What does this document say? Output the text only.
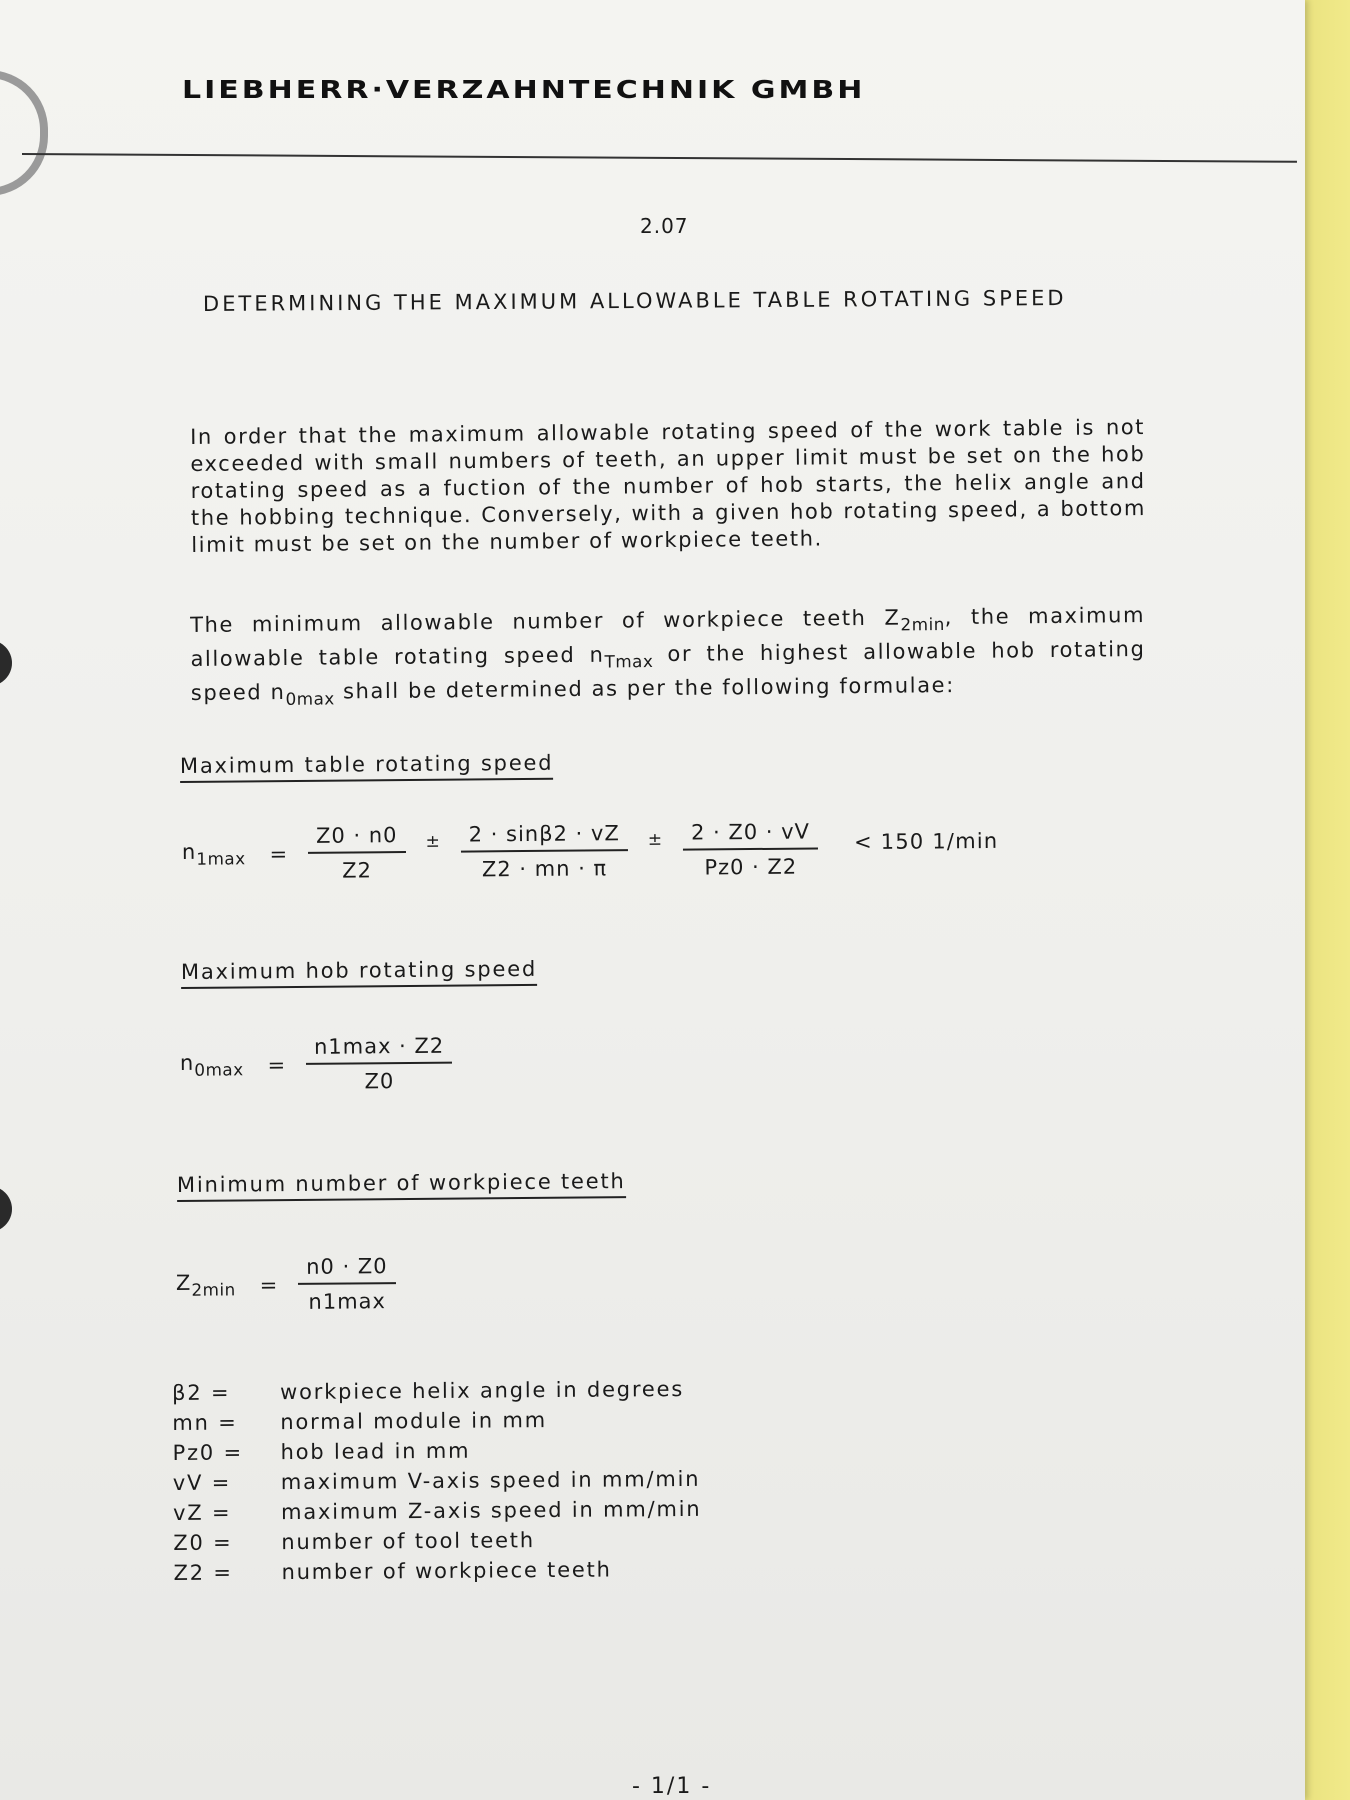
LIEBHERR·VERZAHNTECHNIK GMBH
2.07
DETERMINING THE MAXIMUM ALLOWABLE TABLE ROTATING SPEED
In order that the maximum allowable rotating speed of the work table is not exceeded with small numbers of teeth, an upper limit must be set on the hob rotating speed as a fuction of the number of hob starts, the helix angle and the hobbing technique. Conversely, with a given hob rotating speed, a bottom limit must be set on the number of workpiece teeth.
The minimum allowable number of workpiece teeth $Z_{2min}$, the maximum allowable table rotating speed $n_{Tmax}$ or the highest allowable hob rotating speed $n_{0max}$ shall be determined as per the following formulae:
Maximum table rotating speed
$n_{1max} = \frac{Z0 \cdot n0}{Z2} \pm \frac{2 \cdot \sin\beta 2 \cdot vZ}{Z2 \cdot mn \cdot \pi} \pm \frac{2 \cdot Z0 \cdot vV}{Pz0 \cdot Z2} < 150$ 1/min
Maximum hob rotating speed
$n_{0max} = \frac{n1\max \cdot Z2}{Z0}$
Minimum number of workpiece teeth
$Z_{2min} = \frac{n0 \cdot Z0}{n1\max}$
β2 =	workpiece helix angle in degrees
mn =	normal module in mm
Pz0 =	hob lead in mm
vV =	maximum V-axis speed in mm/min
vZ =	maximum Z-axis speed in mm/min
Z0 =	number of tool teeth
Z2 =	number of workpiece teeth
- 1/1 -
